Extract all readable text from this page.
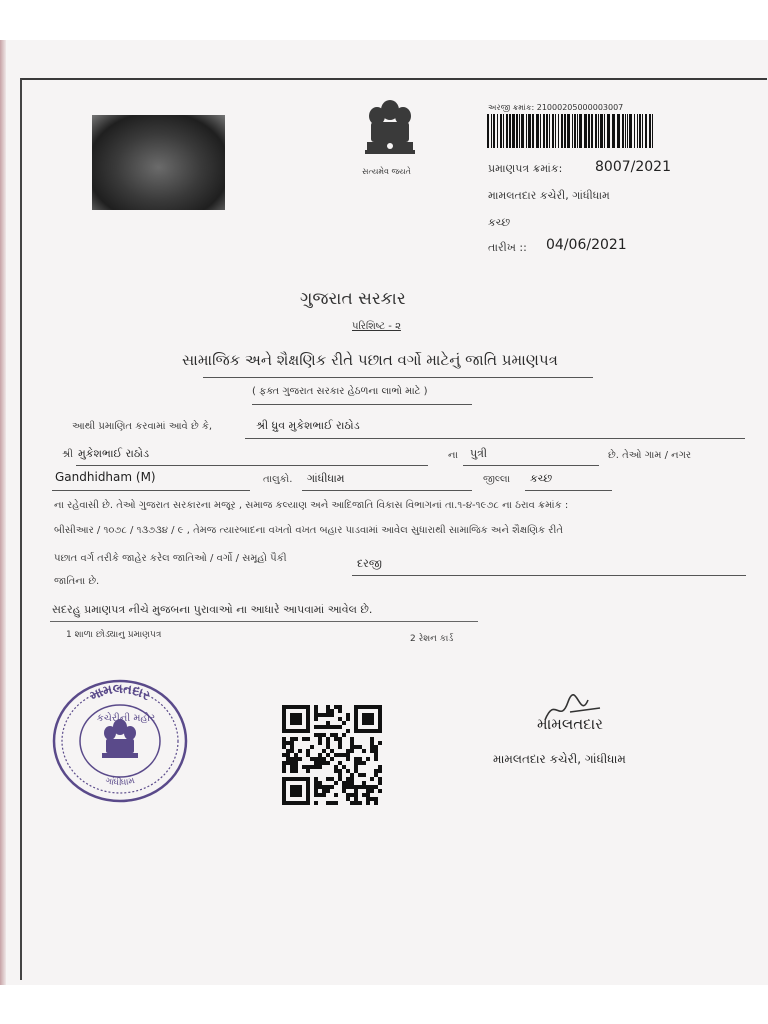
સત્યમેવ જયતે
અરજી ક્રમાંક: 21000205000003007
પ્રમાણપત્ર ક્રમાંક: 8007/2021
મામલતદાર કચેરી, ગાંધીધામ
કચ્છ
તારીખ :: 04/06/2021
ગુજરાત સરકાર
પરિશિષ્ટ - ૨
સામાજિક અને શૈક્ષણિક રીતે પછાત વર્ગો માટેનું જાતિ પ્રમાણપત્ર
( ફક્ત ગુજરાત સરકાર હેઠળના લાભો માટે )
આથી પ્રમાણિત કરવામાં આવે છે કે,	શ્રી ધ્રુવ મુકેશભાઈ રાઠોડ
શ્રી મુકેશભાઈ રાઠોડ	ના પુત્રી	છે. તેઓ ગામ / નગર
Gandhidham (M)	તાલુકો. ગાંધીધામ	જીલ્લા કચ્છ
ના રહેવાસી છે. તેઓ ગુજરાત સરકારના મજૂર , સમાજ કલ્યાણ અને આદિજાતિ વિકાસ વિભાગનાં તા.૧-૪-૧૯૭૮ ના ઠરાવ ક્રમાંક :
બીસીઆર / ૧૦૭૮ / ૧૩૭૩૪ / ૯ , તેમજ ત્યારબાદના વખતો વખત બહાર પાડવામાં આવેલ સુધારાથી સામાજિક અને શૈક્ષણિક રીતે
પછાત વર્ગ તરીકે જાહેર કરેલ જાતિઓ / વર્ગો / સમૂહો પૈકી	દરજી
જાતિના છે.
સદરહુ પ્રમાણપત્ર નીચે મુજબના પુરાવાઓ ના આધારે આપવામાં આવેલ છે.
1 શાળા છોડ્યાનુ પ્રમાણપત્ર	2 રેશન કાર્ડ
મામલતદાર
ગાંધીધામ
કચેરીની મહોર	મામલતદાર
મામલતદાર કચેરી, ગાંધીધામ
